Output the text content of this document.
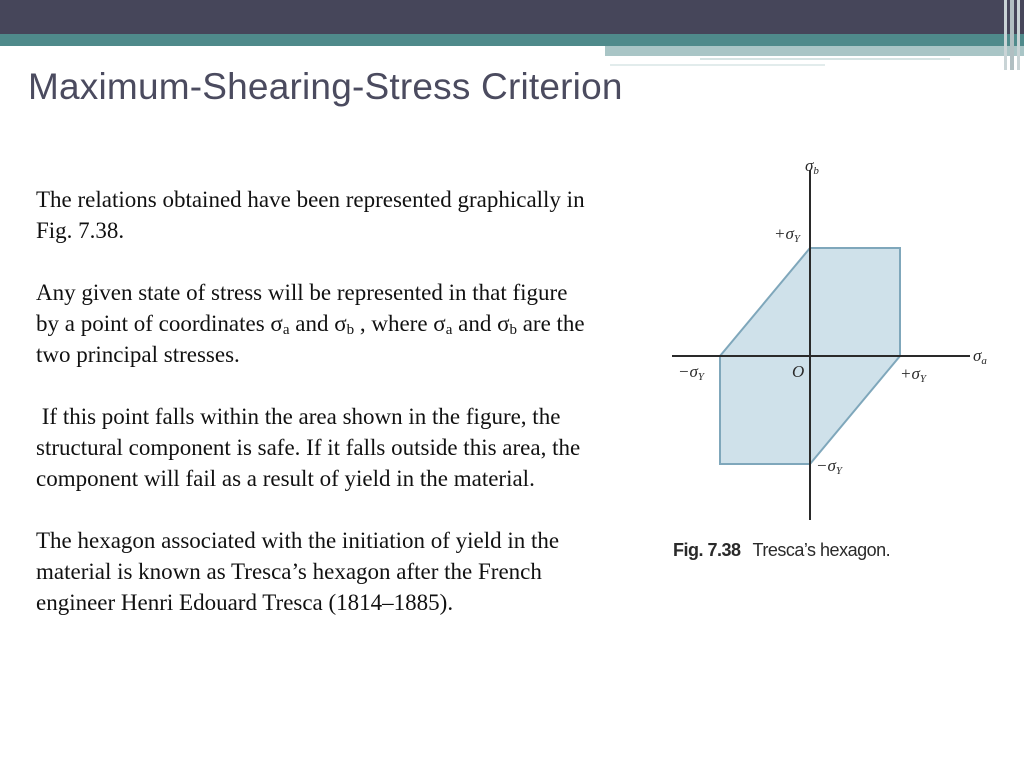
Maximum-Shearing-Stress Criterion

The relations obtained have been represented graphically in Fig. 7.38.

Any given state of stress will be represented in that figure by a point of coordinates $\sigma_a$ and $\sigma_b$ , where $\sigma_a$ and $\sigma_b$ are the two principal stresses.

If this point falls within the area shown in the figure, the structural component is safe. If it falls outside this area, the component will fail as a result of yield in the material.

The hexagon associated with the initiation of yield in the material is known as Tresca’s hexagon after the French engineer Henri Edouard Tresca (1814–1885).

$\sigma_b$
$\sigma_a$
O
$+\sigma_Y$
$-\sigma_Y$	$+\sigma_Y$
$-\sigma_Y$
Fig. 7.38 Tresca’s hexagon.
